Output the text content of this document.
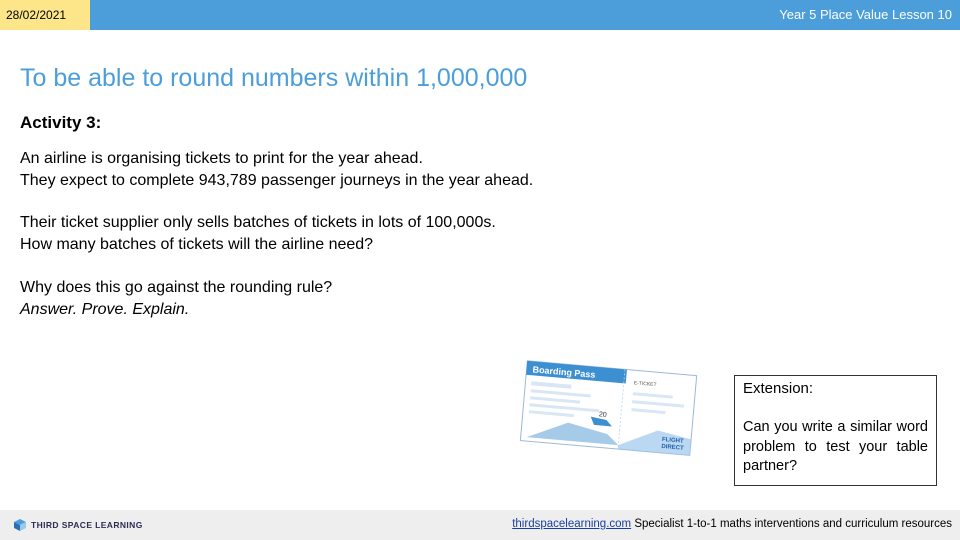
28/02/2021	Year 5 Place Value Lesson 10
To be able to round numbers within 1,000,000
Activity 3:
An airline is organising tickets to print for the year ahead.
They expect to complete 943,789 passenger journeys in the year ahead.
Their ticket supplier only sells batches of tickets in lots of 100,000s.
How many batches of tickets will the airline need?
Why does this go against the rounding rule?
Answer. Prove. Explain.
Boarding Pass
E-TICKET
20
FLIGHT
DIRECT
Extension:
Can you write a similar word problem to test your table partner?
THIRD SPACE LEARNING	thirdspacelearning.com Specialist 1-to-1 maths interventions and curriculum resources
